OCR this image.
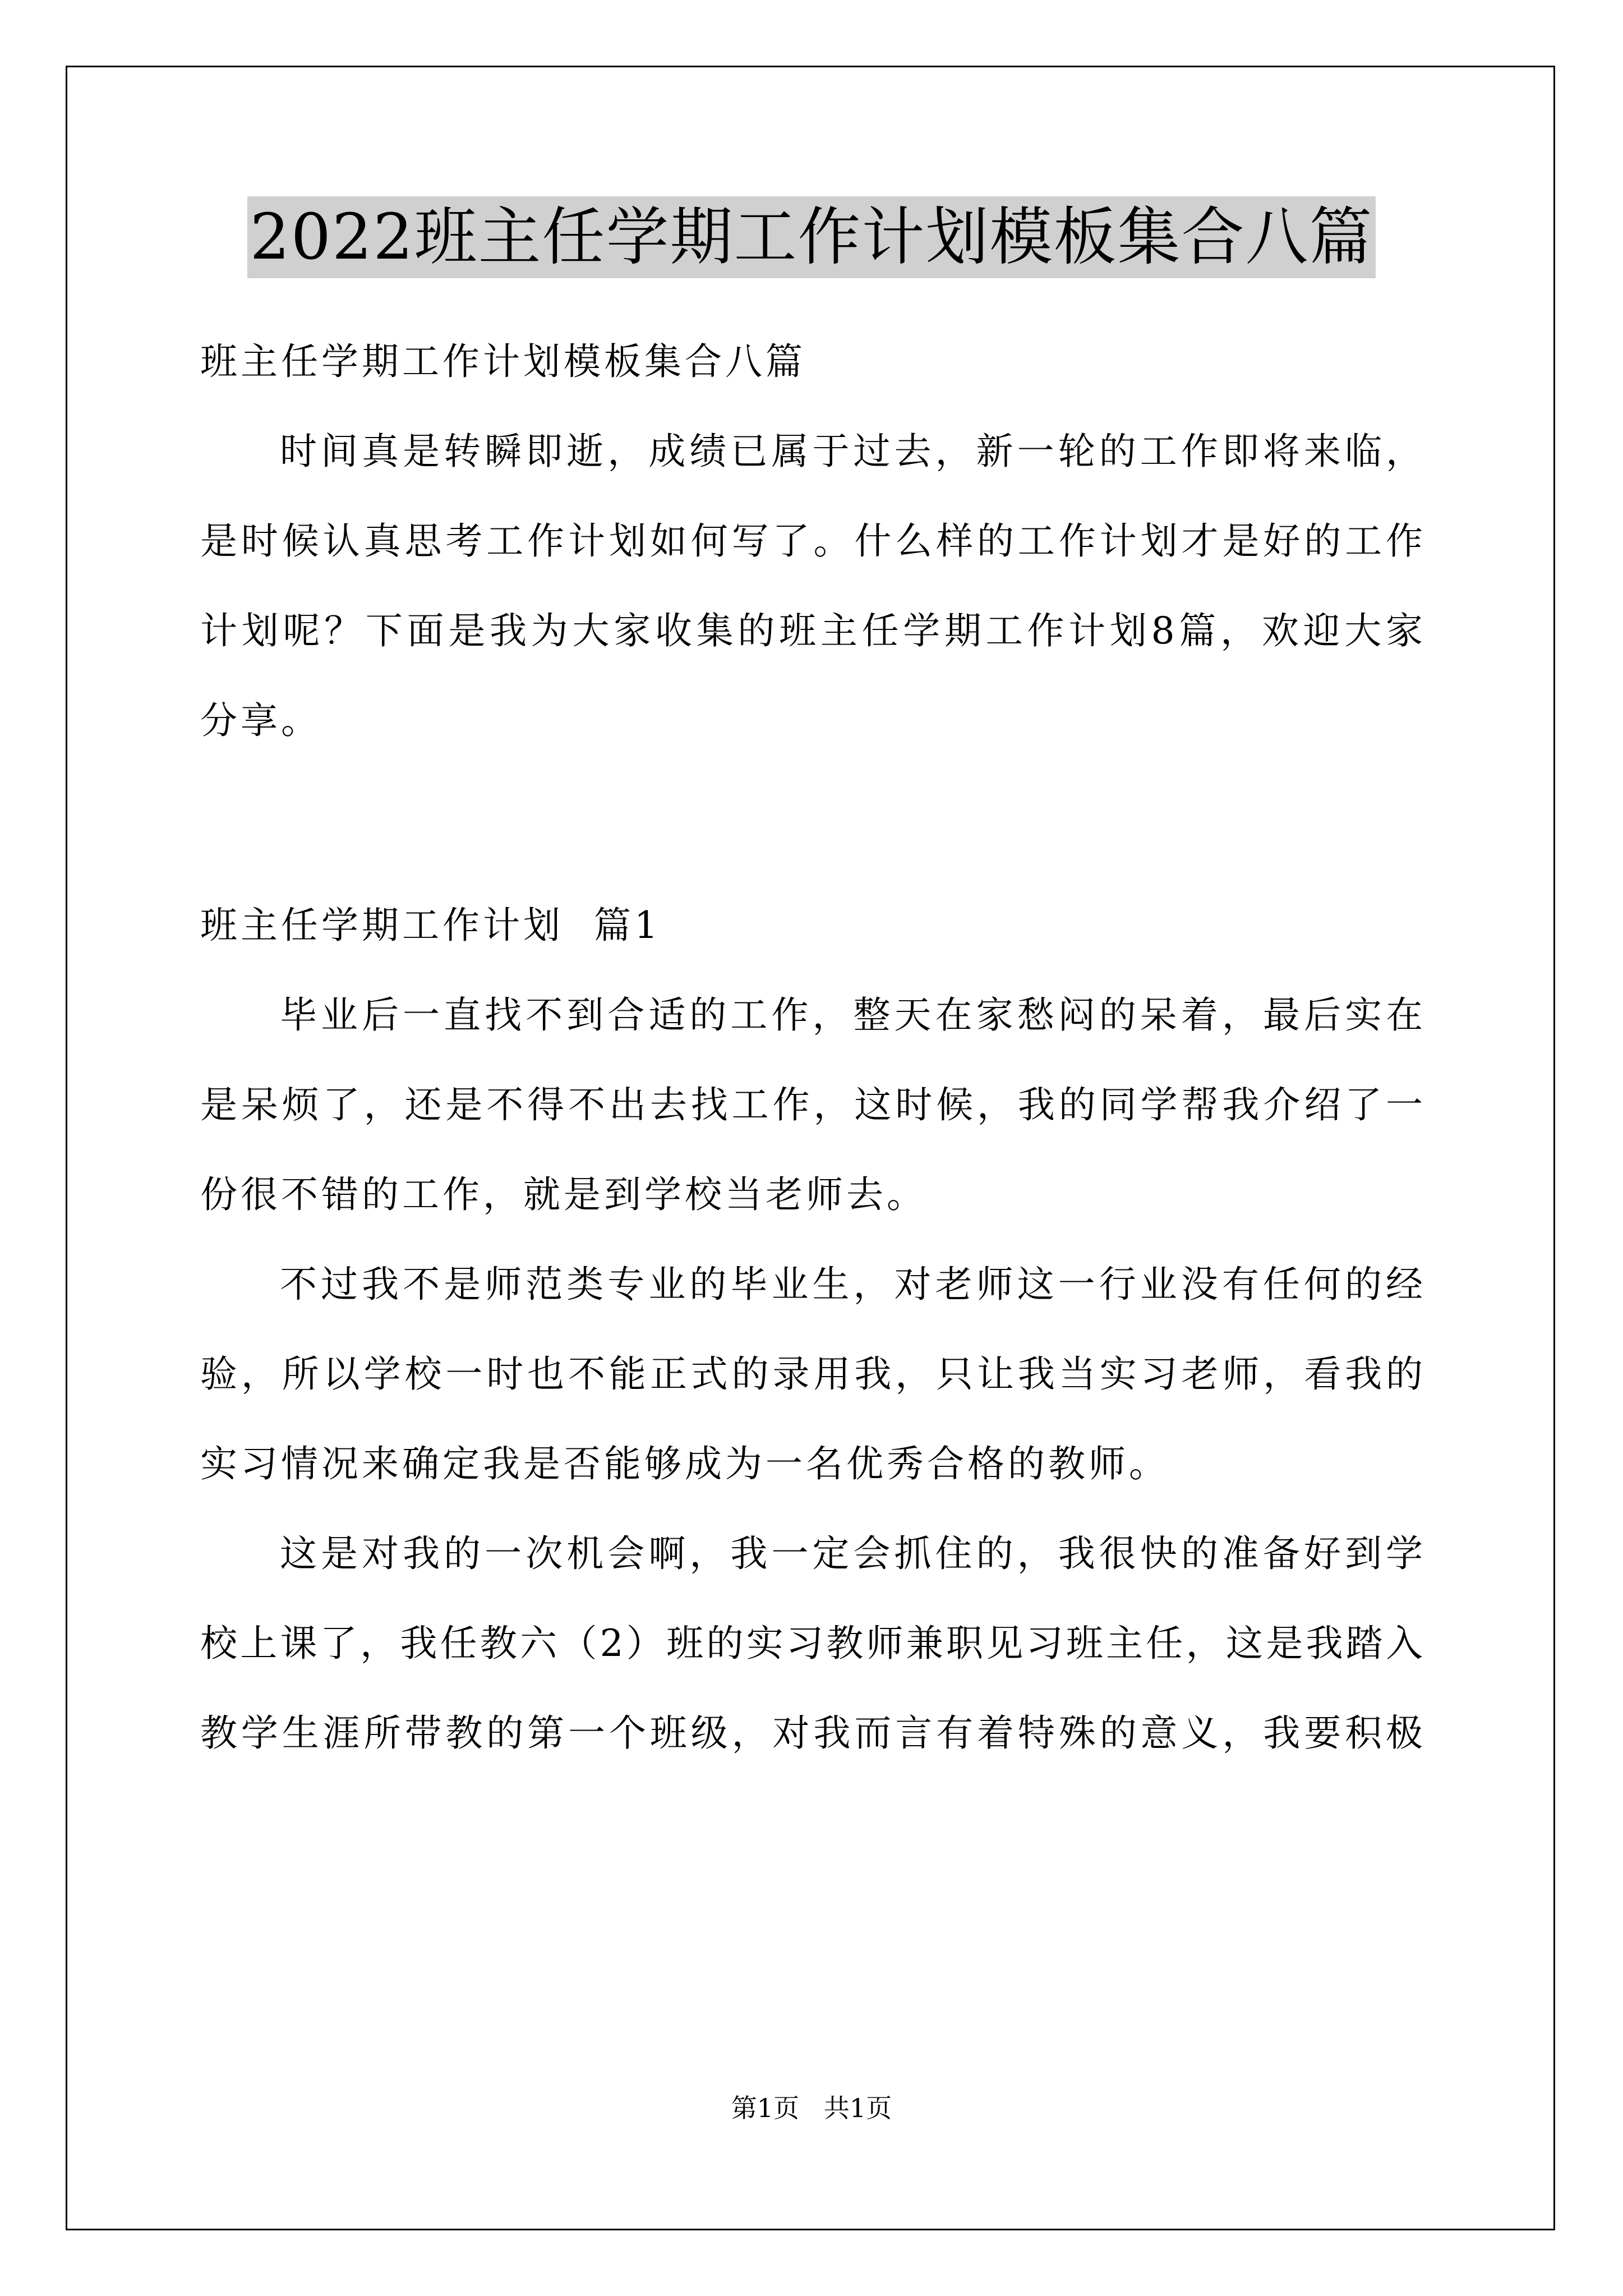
2022班主任学期工作计划模板集合八篇
班主任学期工作计划模板集合八篇
时间真是转瞬即逝，成绩已属于过去，新一轮的工作即将来临，
是时候认真思考工作计划如何写了。什么样的工作计划才是好的工作
计划呢？下面是我为大家收集的班主任学期工作计划8篇，欢迎大家
分享。
班主任学期工作计划  篇1
毕业后一直找不到合适的工作，整天在家愁闷的呆着，最后实在
是呆烦了，还是不得不出去找工作，这时候，我的同学帮我介绍了一
份很不错的工作，就是到学校当老师去。
不过我不是师范类专业的毕业生，对老师这一行业没有任何的经
验，所以学校一时也不能正式的录用我，只让我当实习老师，看我的
实习情况来确定我是否能够成为一名优秀合格的教师。
这是对我的一次机会啊，我一定会抓住的，我很快的准备好到学
校上课了，我任教六（2）班的实习教师兼职见习班主任，这是我踏入
教学生涯所带教的第一个班级，对我而言有着特殊的意义，我要积极
第1页   共1页
